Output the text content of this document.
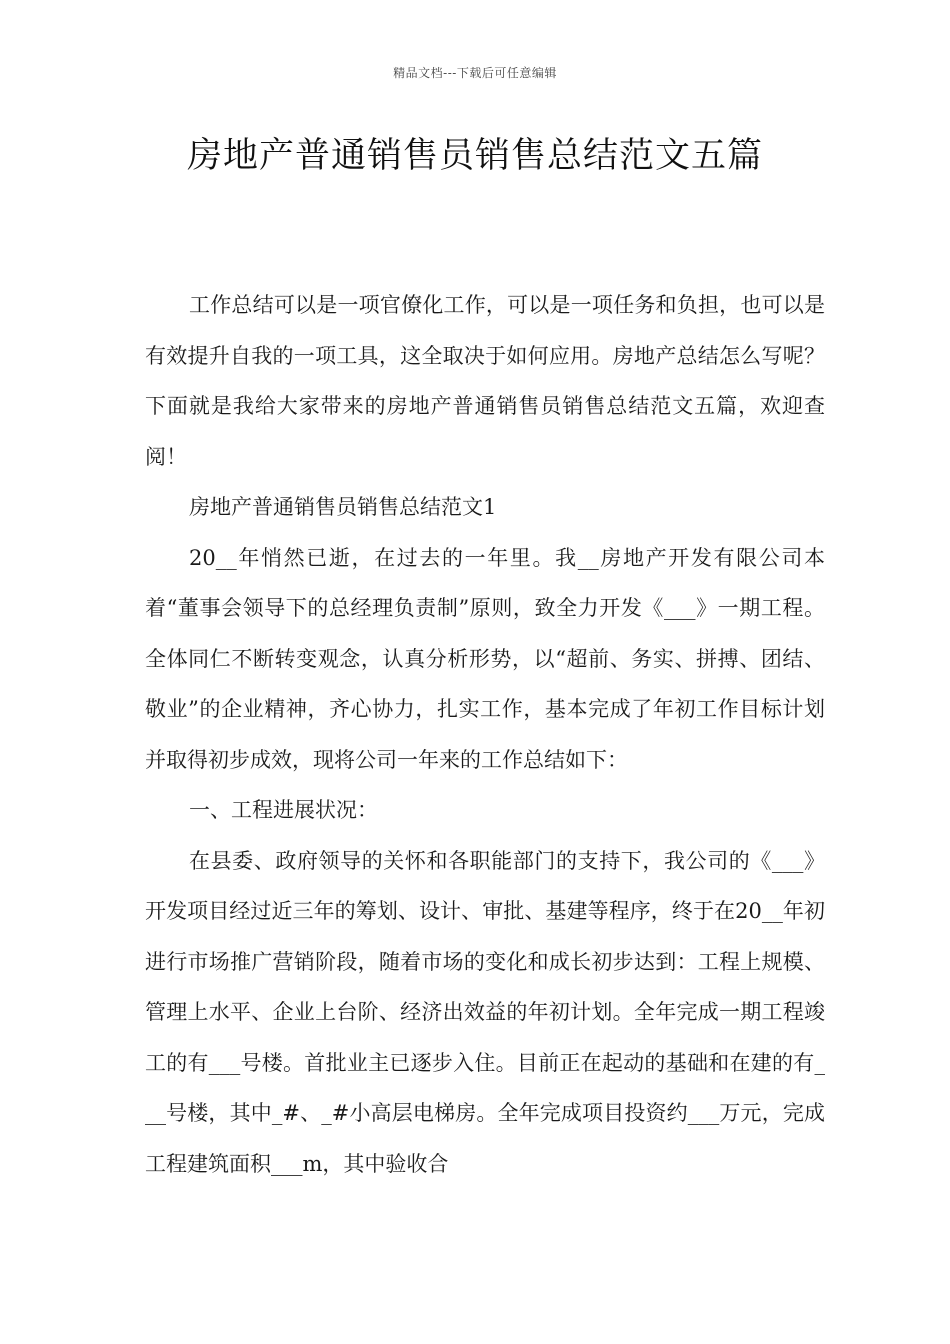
精品文档---下载后可任意编辑
房地产普通销售员销售总结范文五篇

工作总结可以是一项官僚化工作，可以是一项任务和负担，也可以是有效提升自我的一项工具，这全取决于如何应用。房地产总结怎么写呢？下面就是我给大家带来的房地产普通销售员销售总结范文五篇，欢迎查阅！

房地产普通销售员销售总结范文1

20__年悄然已逝，在过去的一年里。我__房地产开发有限公司本着“董事会领导下的总经理负责制”原则，致全力开发《___》一期工程。全体同仁不断转变观念，认真分析形势，以“超前、务实、拼搏、团结、敬业”的企业精神，齐心协力，扎实工作，基本完成了年初工作目标计划并取得初步成效，现将公司一年来的工作总结如下：

一、工程进展状况：

在县委、政府领导的关怀和各职能部门的支持下，我公司的《___》开发项目经过近三年的筹划、设计、审批、基建等程序，终于在20__年初进行市场推广营销阶段，随着市场的变化和成长初步达到：工程上规模、管理上水平、企业上台阶、经济出效益的年初计划。全年完成一期工程竣工的有___号楼。首批业主已逐步入住。目前正在起动的基础和在建的有___号楼，其中_#、_#小高层电梯房。全年完成项目投资约___万元，完成工程建筑面积___m，其中验收合
